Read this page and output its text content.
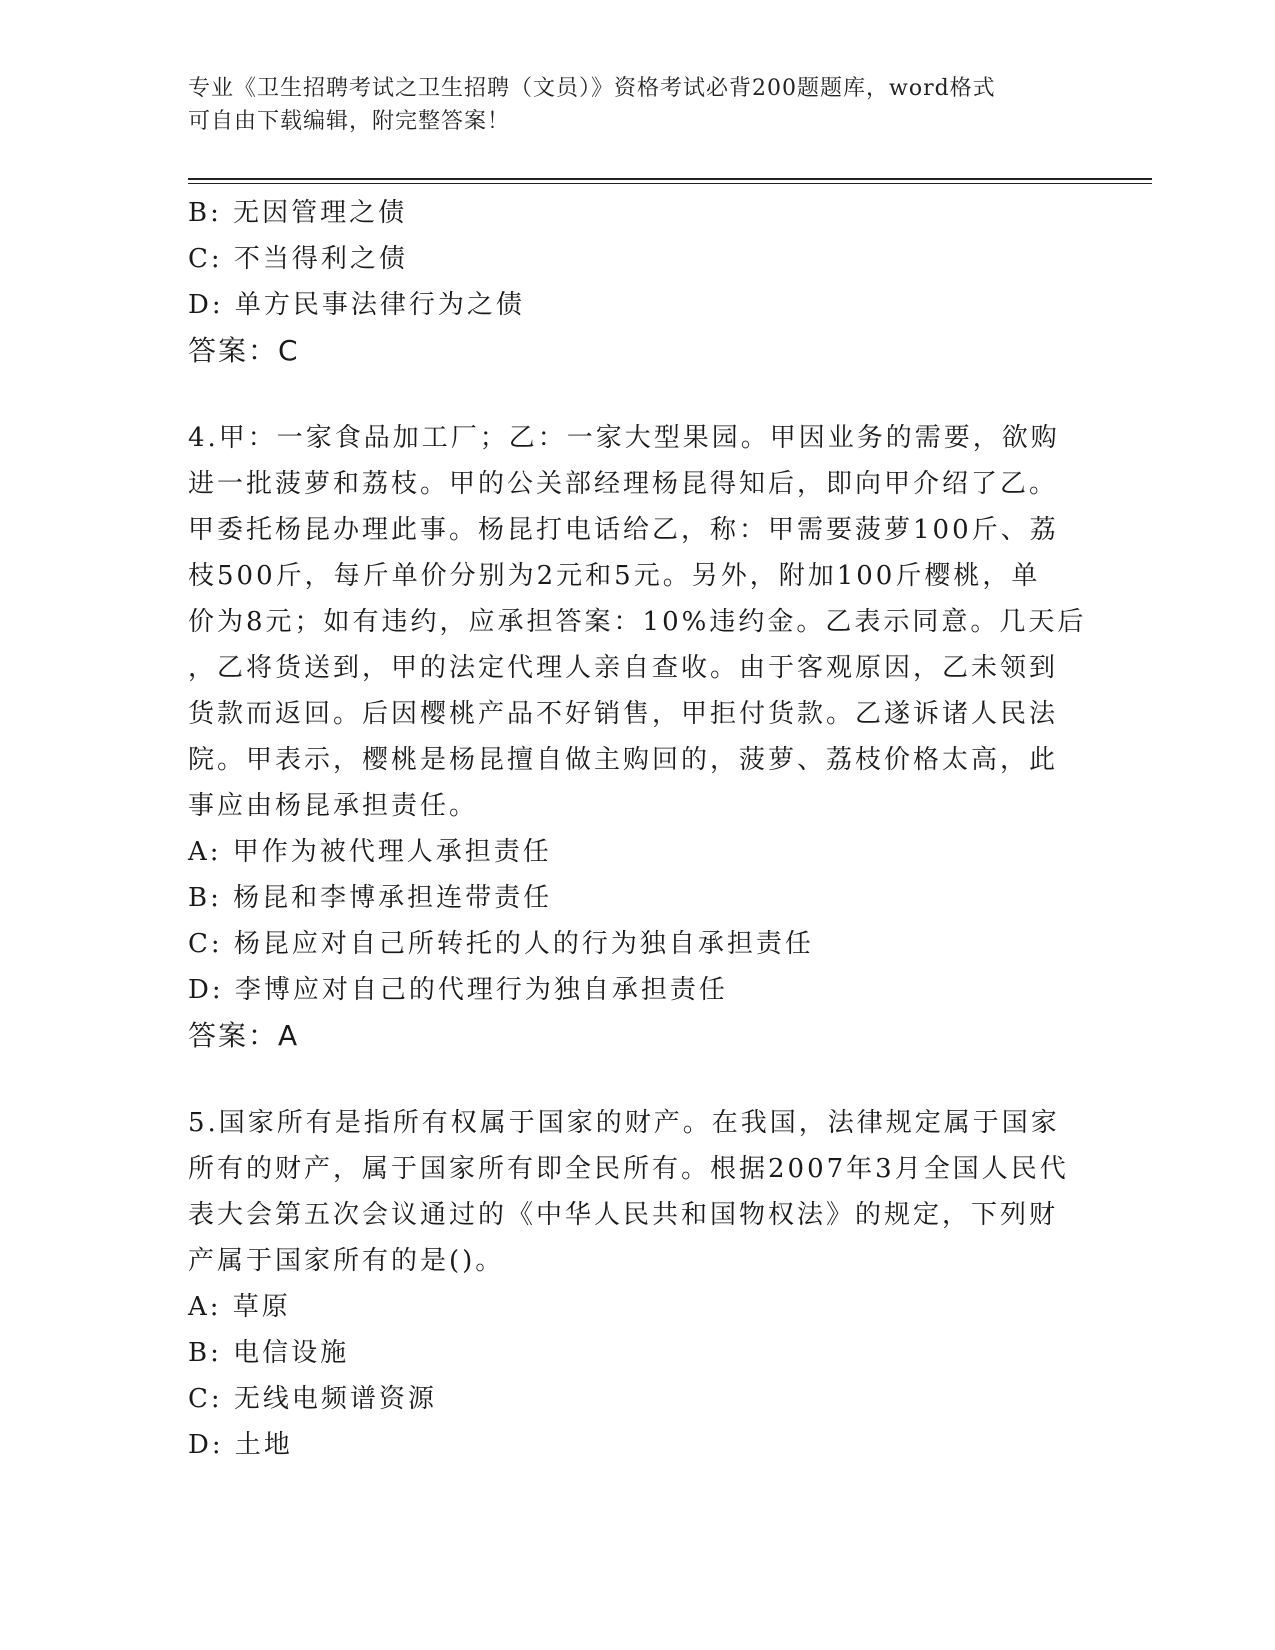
专业《卫生招聘考试之卫生招聘（文员）》资格考试必背200题题库，word格式
可自由下载编辑，附完整答案！
B: 无因管理之债
C: 不当得利之债
D: 单方民事法律行为之债
答案：C
4.甲：一家食品加工厂；乙：一家大型果园。甲因业务的需要，欲购
进一批菠萝和荔枝。甲的公关部经理杨昆得知后，即向甲介绍了乙。
甲委托杨昆办理此事。杨昆打电话给乙，称：甲需要菠萝100斤、荔
枝500斤，每斤单价分别为2元和5元。另外，附加100斤樱桃，单
价为8元；如有违约，应承担答案：10%违约金。乙表示同意。几天后
，乙将货送到，甲的法定代理人亲自查收。由于客观原因，乙未领到
货款而返回。后因樱桃产品不好销售，甲拒付货款。乙遂诉诸人民法
院。甲表示，樱桃是杨昆擅自做主购回的，菠萝、荔枝价格太高，此
事应由杨昆承担责任。
A: 甲作为被代理人承担责任
B: 杨昆和李博承担连带责任
C: 杨昆应对自己所转托的人的行为独自承担责任
D: 李博应对自己的代理行为独自承担责任
答案：A
5.国家所有是指所有权属于国家的财产。在我国，法律规定属于国家
所有的财产，属于国家所有即全民所有。根据2007年3月全国人民代
表大会第五次会议通过的《中华人民共和国物权法》的规定，下列财
产属于国家所有的是()。
A: 草原
B: 电信设施
C: 无线电频谱资源
D: 土地
